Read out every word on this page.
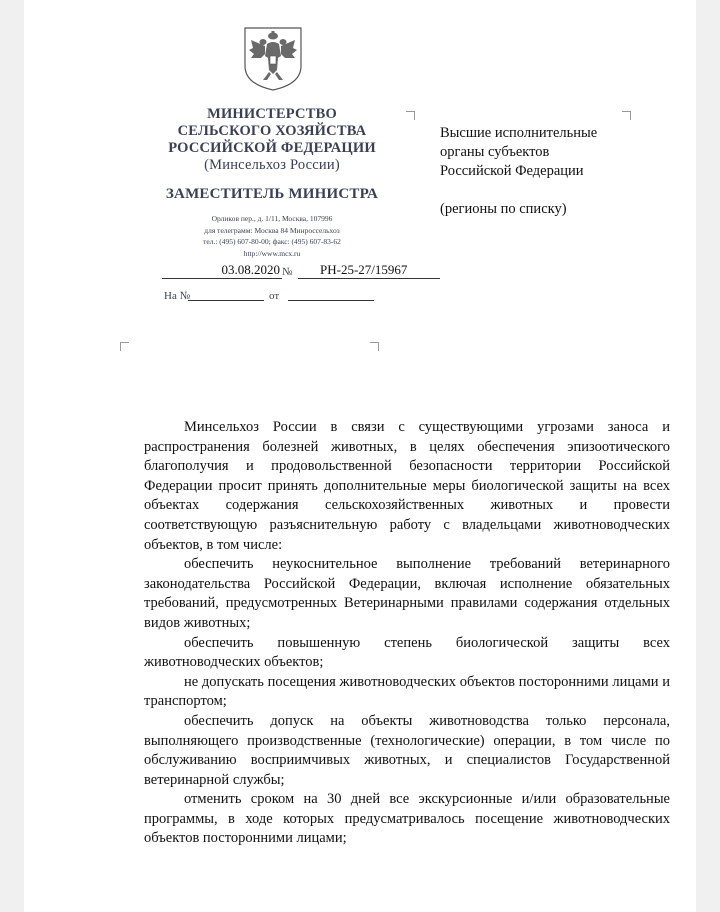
МИНИСТЕРСТВО
СЕЛЬСКОГО ХОЗЯЙСТВА
РОССИЙСКОЙ ФЕДЕРАЦИИ
(Минсельхоз России)
ЗАМЕСТИТЕЛЬ МИНИСТРА
Орликов пер., д. 1/11, Москва, 107996
для телеграмм: Москва 84 Минроссельхоз
тел.: (495) 607-80-00; факс: (495) 607-83-62
http://www.mcx.ru
03.08.2020 №	РН-25-27/15967
На №	от

Высшие исполнительные

органы субъектов

Российской Федерации

(регионы по списку)

Минсельхоз России в связи с существующими угрозами заноса и распространения болезней животных, в целях обеспечения эпизоотического благополучия и продовольственной безопасности территории Российской Федерации просит принять дополнительные меры биологической защиты на всех объектах содержания сельскохозяйственных животных и провести соответствующую разъяснительную работу с владельцами животноводческих объектов, в том числе:

обеспечить неукоснительное выполнение требований ветеринарного законодательства Российской Федерации, включая исполнение обязательных требований, предусмотренных Ветеринарными правилами содержания отдельных видов животных;

обеспечить повышенную степень биологической защиты всех животноводческих объектов;

не допускать посещения животноводческих объектов посторонними лицами и транспортом;

обеспечить допуск на объекты животноводства только персонала, выполняющего производственные (технологические) операции, в том числе по обслуживанию восприимчивых животных, и специалистов Государственной ветеринарной службы;

отменить сроком на 30 дней все экскурсионные и/или образовательные программы, в ходе которых предусматривалось посещение животноводческих объектов посторонними лицами;
